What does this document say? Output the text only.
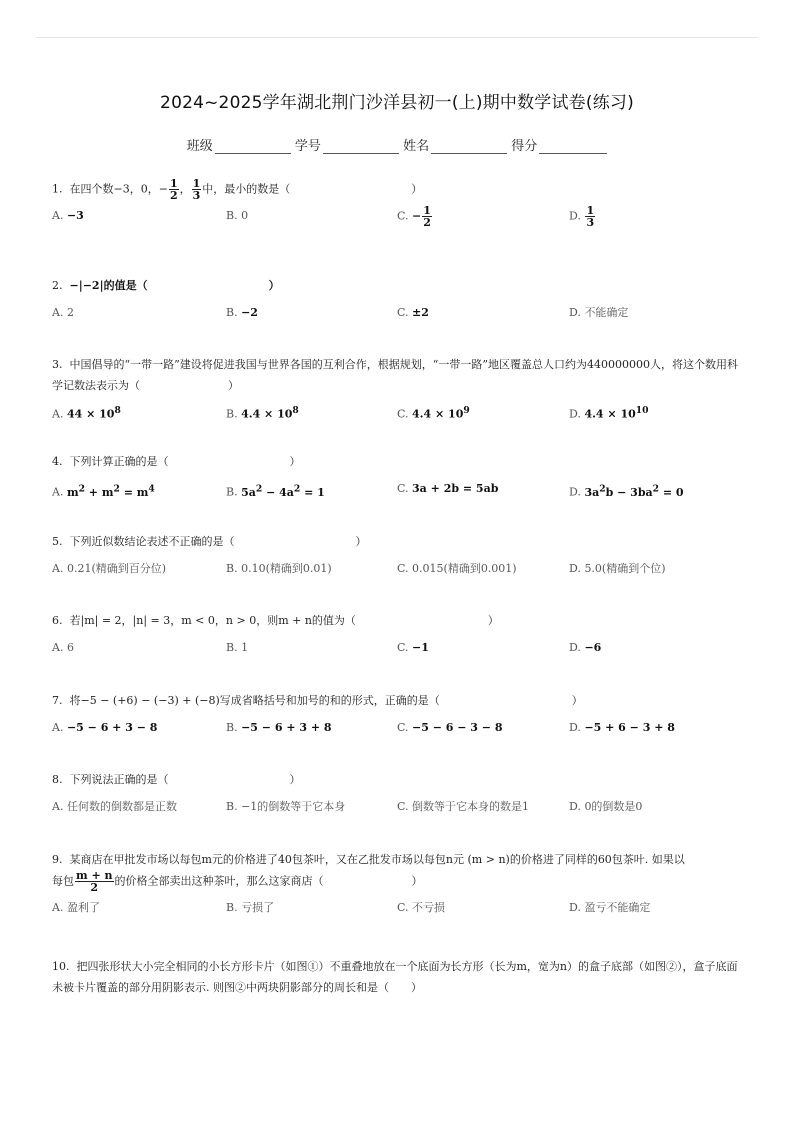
2024~2025学年湖北荆门沙洋县初一(上)期中数学试卷(练习)
班级
	学号
	姓名
	得分
1. 在四个数−3，0，− $\frac{1}{2}$ ， $\frac{1}{3}$ 中，最小的数是（　　　　　　　　　　　）
A. −3	B. 0	C. − $\frac{1}{2}$	D. $\frac{1}{3}$
2. −|−2|的值是（　　　　　　　　　　　）
A. 2	B. −2	C. ±2	D. 不能确定
3. 中国倡导的“一带一路”建设将促进我国与世界各国的互利合作，根据规划，“一带一路”地区覆盖总人口约为440000000人，将这个数用科学记数法表示为（　　　　　　　　）
A. $44 \times 10^8$	B. $4.4 \times 10^8$	C. $4.4 \times 10^9$	D. $4.4 \times 10^{10}$
4. 下列计算正确的是（　　　　　　　　　　　）
A. $m^2 + m^2 = m^4$	B. $5a^2 - 4a^2 = 1$	C. 3a + 2b = 5ab	D. $3a^2b - 3ba^2 = 0$
5. 下列近似数结论表述不正确的是（　　　　　　　　　　　）
A. 0.21(精确到百分位)	B. 0.10(精确到0.01)	C. 0.015(精确到0.001)	D. 5.0(精确到个位)
6. 若|m| = 2，|n| = 3，m < 0，n > 0，则m + n的值为（　　　　　　　　　　　　）
A. 6	B. 1	C. −1	D. −6
7. 将−5 − (+6) − (−3) + (−8)写成省略括号和加号的和的形式，正确的是（　　　　　　　　　　　　）
A. −5 − 6 + 3 − 8	B. −5 − 6 + 3 + 8	C. −5 − 6 − 3 − 8	D. −5 + 6 − 3 + 8
8. 下列说法正确的是（　　　　　　　　　　　）
A. 任何数的倒数都是正数	B. −1的倒数等于它本身	C. 倒数等于它本身的数是1	D. 0的倒数是0
9. 某商店在甲批发市场以每包m元的价格进了40包茶叶，又在乙批发市场以每包n元 (m > n)的价格进了同样的60包茶叶. 如果以
每包 $\frac{m + n}{2}$ 的价格全部卖出这种茶叶，那么这家商店（　　　　　　　　）
A. 盈利了	B. 亏损了	C. 不亏损	D. 盈亏不能确定
10. 把四张形状大小完全相同的小长方形卡片（如图①）不重叠地放在一个底面为长方形（长为m，宽为n）的盒子底部（如图②），盒子底面未被卡片覆盖的部分用阴影表示. 则图②中两块阴影部分的周长和是（　　）
